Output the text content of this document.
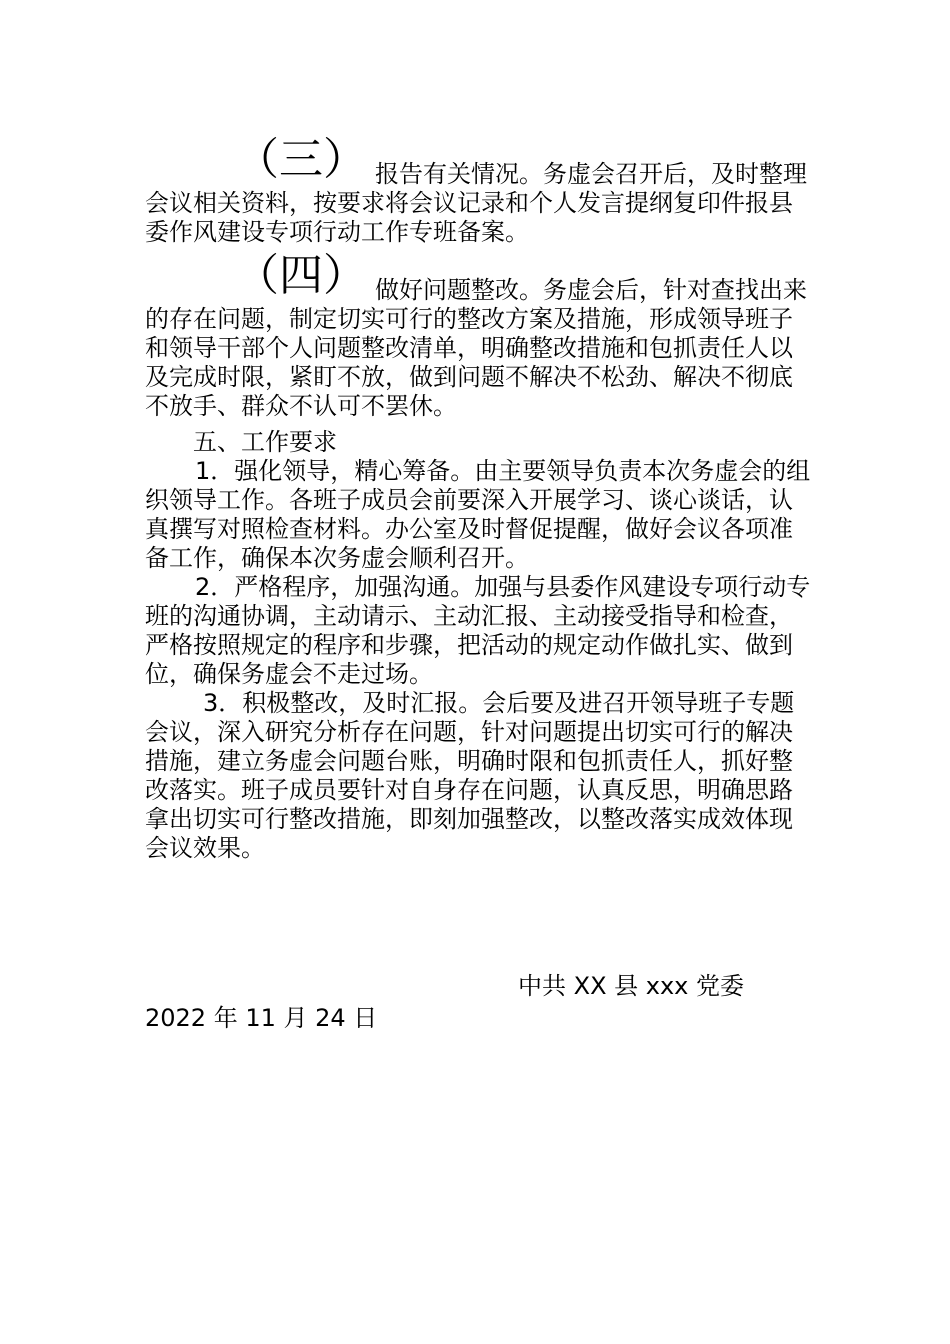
（三） 报告有关情况。务虚会召开后，及时整理
会议相关资料，按要求将会议记录和个人发言提纲复印件报县
委作风建设专项行动工作专班备案。
（四） 做好问题整改。务虚会后，针对查找出来
的存在问题，制定切实可行的整改方案及措施，形成领导班子
和领导干部个人问题整改清单，明确整改措施和包抓责任人以
及完成时限，紧盯不放，做到问题不解决不松劲、解决不彻底
不放手、群众不认可不罢休。
五、工作要求
1．强化领导，精心筹备。由主要领导负责本次务虚会的组
织领导工作。各班子成员会前要深入开展学习、谈心谈话，认
真撰写对照检查材料。办公室及时督促提醒，做好会议各项准
备工作，确保本次务虚会顺利召开。
2．严格程序，加强沟通。加强与县委作风建设专项行动专
班的沟通协调，主动请示、主动汇报、主动接受指导和检查，
严格按照规定的程序和步骤，把活动的规定动作做扎实、做到
位，确保务虚会不走过场。
3．积极整改，及时汇报。会后要及进召开领导班子专题
会议，深入研究分析存在问题，针对问题提出切实可行的解决
措施，建立务虚会问题台账，明确时限和包抓责任人，抓好整
改落实。班子成员要针对自身存在问题，认真反思，明确思路
拿出切实可行整改措施，即刻加强整改，以整改落实成效体现
会议效果。
中共 XX 县 xxx 党委
2022 年 11 月 24 日
